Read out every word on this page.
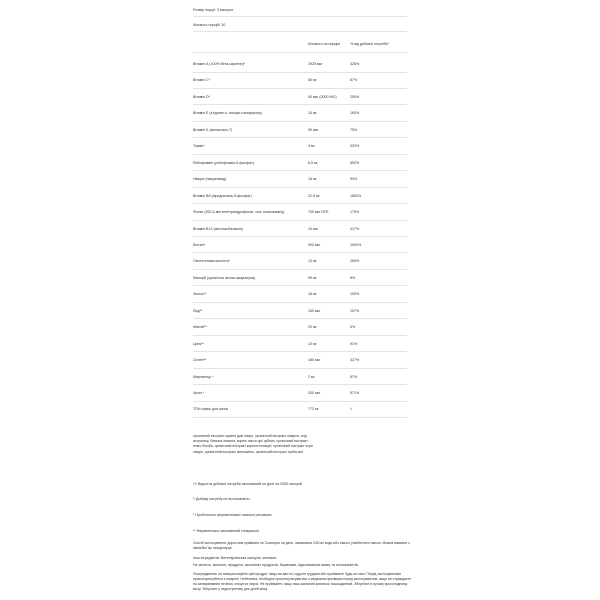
Розмір порції: 3 капсули
Кількість порцій: 30
Кількість на порцію	% від добової потреби*
Вітамін A (100% бета-каротин)*	2925 мкг	325%
Вітамін C*	60 мг	67%
Вітамін D*	50 мкг (2000 МО)	250%
Вітамін E (з'єднані d- альфа-токоферолу)	24 мг	160%
Вітамін K (менахінон-7)	90 мкг	75%
Тіамін*	4 мг	333%
Рибофлавін (рибофлавін-5-фосфат)	6.5 мг	500%
Ніацин (ніацинамід)	15 мг	94%
Вітамін B6 (піридоксаль-5-фосфат)	31.5 мг	1853%
Фолат (262,5-метилтетрагідрофолат, сіль глюкозаміну)	700 мкг DFE	175%
Вітамін B12 (метилкобаламін)	10 мкг	417%
Біотин*	300 мкг	1000%
Пантотенова кислота*	13 мг	260%
Кальцій (органічна яєчна шкаралупа)	99 мг	8%
Залізо**	18 мг	100%
Йод**	150 мкг	107%
Магній**	20 мг	5%
Цинк**	10 мг	91%
Селен**	180 мкг	327%
Марганець *	2 мг	87%
Хром *	200 мкг	571%
ТОН суміш для жінок	772 мг	†
органічний екстракт кореня дикі лікарі, органічний екстракт лікарня, ягід астрагалу, Лимона лимона, корені листя цієї зубних, органічний екстракт гінкго білоба, органічний екстракт кореня ехінацеї, органічний екстракт кори лікаря, органічний екстракт женьшеню, органічний екстракт гриба шиї
†† Відсоток добової потреби заснований на дієті на 2000 калорій.
† Добову потребу не встановлено.
* Пробіотично ферментовані ниальні речовини.
** Ферментисно заплавений тинкуальні.
Спосіб застосування: дорослим приймати по 3 капсули на день, запиваючи 240 мл води або іншого улюбленого напою. Можна вживати з їжею/без їжі натщесерце.
Інші інгредієнти: Вегетаріанська капсула, желатин.
Не містить: молочні, продукти, молочних продуктів, барвників, підсилювачів смаку та консервантів.
Попередження: не використовуйте цей продукт, якщо ви вагітні, годуєте грудьми або приймаєте будь-які ліки. Перед застосуванням проконсультуйтеся з лікарем. Небезпека, необхідно проконсультуватися з медичним фахівцем перед застосуванням, якщо ви страждаєте на захворювання печінки, серця чи нирок. Не приймайте, якщо ваш захисний ковпачок пошкоджений. Зберігати в сухому прохолодному місці. Зберігати у недоступному для дітей місці.
